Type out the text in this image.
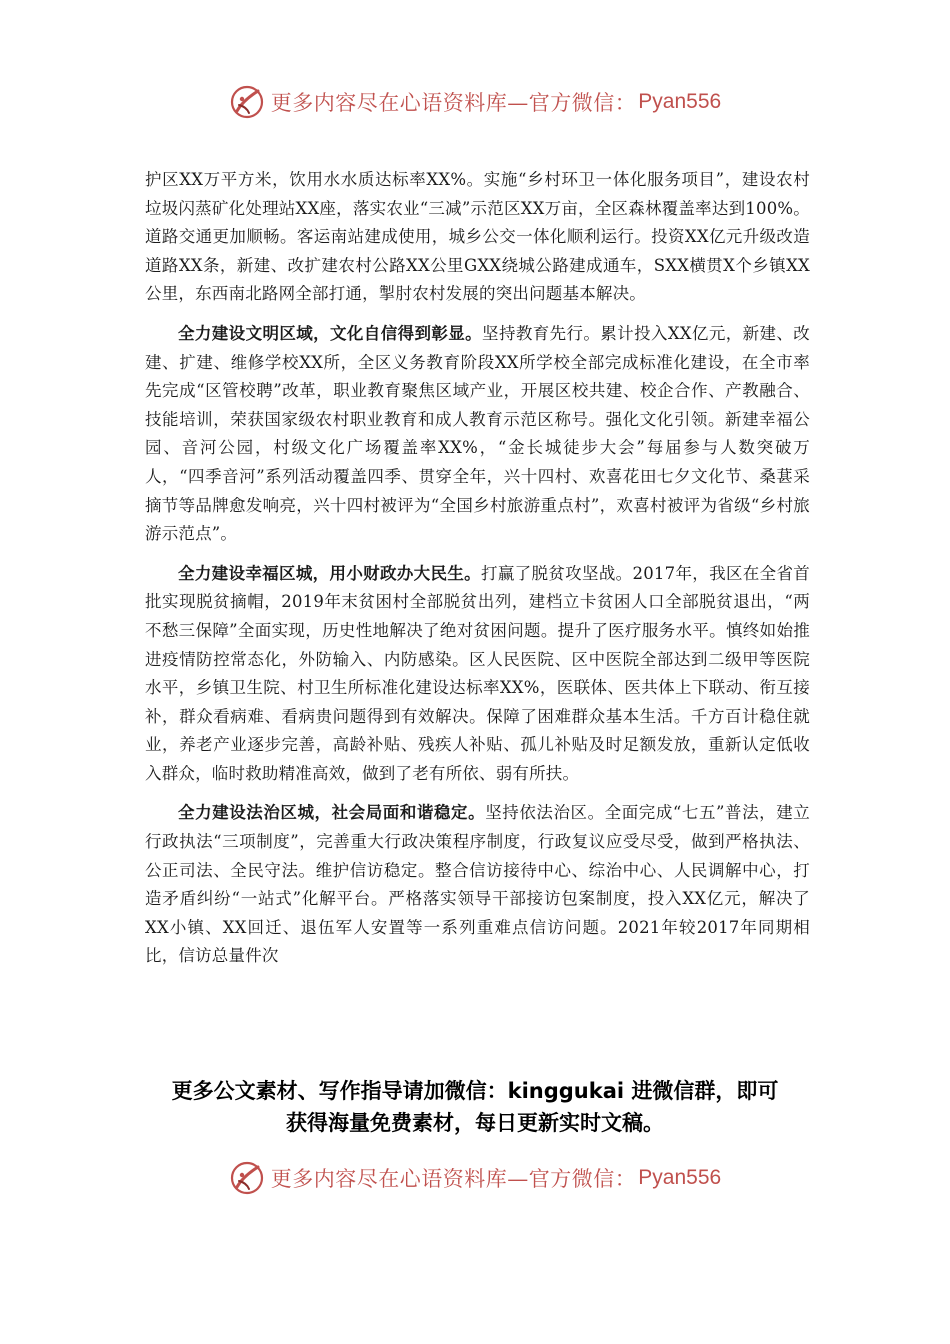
更多内容尽在心语资料库—官方微信： Pyan556

护区XX万平方米，饮用水水质达标率XX%。实施“乡村环卫一体化服务项目”，建设农村垃圾闪蒸矿化处理站XX座，落实农业“三减”示范区XX万亩，全区森林覆盖率达到100%。道路交通更加顺畅。客运南站建成使用，城乡公交一体化顺利运行。投资XX亿元升级改造道路XX条，新建、改扩建农村公路XX公里GXX绕城公路建成通车，SXX横贯X个乡镇XX公里，东西南北路网全部打通，掣肘农村发展的突出问题基本解决。

全力建设文明区域，文化自信得到彰显。坚持教育先行。累计投入XX亿元，新建、改建、扩建、维修学校XX所，全区义务教育阶段XX所学校全部完成标准化建设，在全市率先完成“区管校聘”改革，职业教育聚焦区域产业，开展区校共建、校企合作、产教融合、技能培训，荣获国家级农村职业教育和成人教育示范区称号。强化文化引领。新建幸福公园、音河公园，村级文化广场覆盖率XX%，“金长城徒步大会”每届参与人数突破万人，“四季音河”系列活动覆盖四季、贯穿全年，兴十四村、欢喜花田七夕文化节、桑葚采摘节等品牌愈发响亮，兴十四村被评为“全国乡村旅游重点村”，欢喜村被评为省级“乡村旅游示范点”。

全力建设幸福区城，用小财政办大民生。打赢了脱贫攻坚战。2017年，我区在全省首批实现脱贫摘帽，2019年末贫困村全部脱贫出列，建档立卡贫困人口全部脱贫退出，“两不愁三保障”全面实现，历史性地解决了绝对贫困问题。提升了医疗服务水平。慎终如始推进疫情防控常态化，外防输入、内防感染。区人民医院、区中医院全部达到二级甲等医院水平，乡镇卫生院、村卫生所标准化建设达标率XX%，医联体、医共体上下联动、衔互接补，群众看病难、看病贵问题得到有效解决。保障了困难群众基本生活。千方百计稳住就业，养老产业逐步完善，高龄补贴、残疾人补贴、孤儿补贴及时足额发放，重新认定低收入群众，临时救助精准高效，做到了老有所依、弱有所扶。

全力建设法治区城，社会局面和谐稳定。坚持依法治区。全面完成“七五”普法，建立行政执法“三项制度”，完善重大行政决策程序制度，行政复议应受尽受，做到严格执法、公正司法、全民守法。维护信访稳定。整合信访接待中心、综治中心、人民调解中心，打造矛盾纠纷“一站式”化解平台。严格落实领导干部接访包案制度，投入XX亿元，解决了XX小镇、XX回迁、退伍军人安置等一系列重难点信访问题。2021年较2017年同期相比，信访总量件次

更多公文素材、写作指导请加微信：kinggukai 进微信群，即可
获得海量免费素材，每日更新实时文稿。
更多内容尽在心语资料库—官方微信： Pyan556
